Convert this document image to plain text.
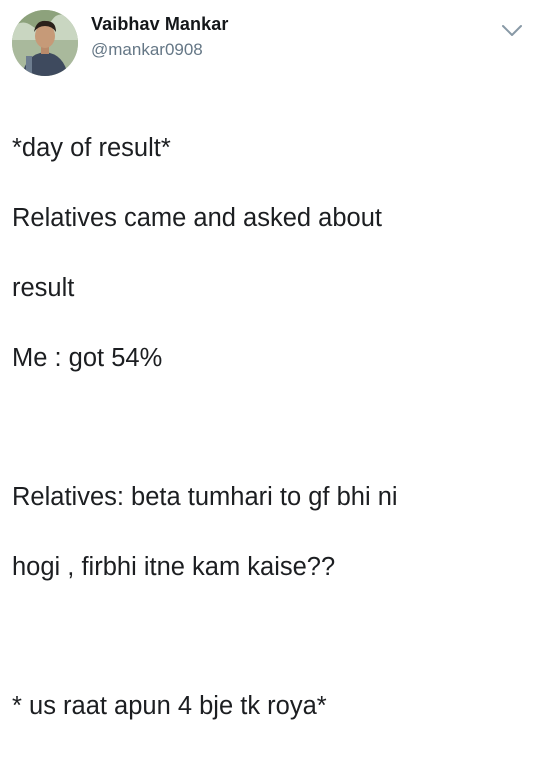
Vaibhav Mankar
@mankar0908

*day of result*

Relatives came and asked about

result

Me : got 54%

Relatives: beta tumhari to gf bhi ni

hogi , firbhi itne kam kaise??

* us raat apun 4 bje tk roya*
